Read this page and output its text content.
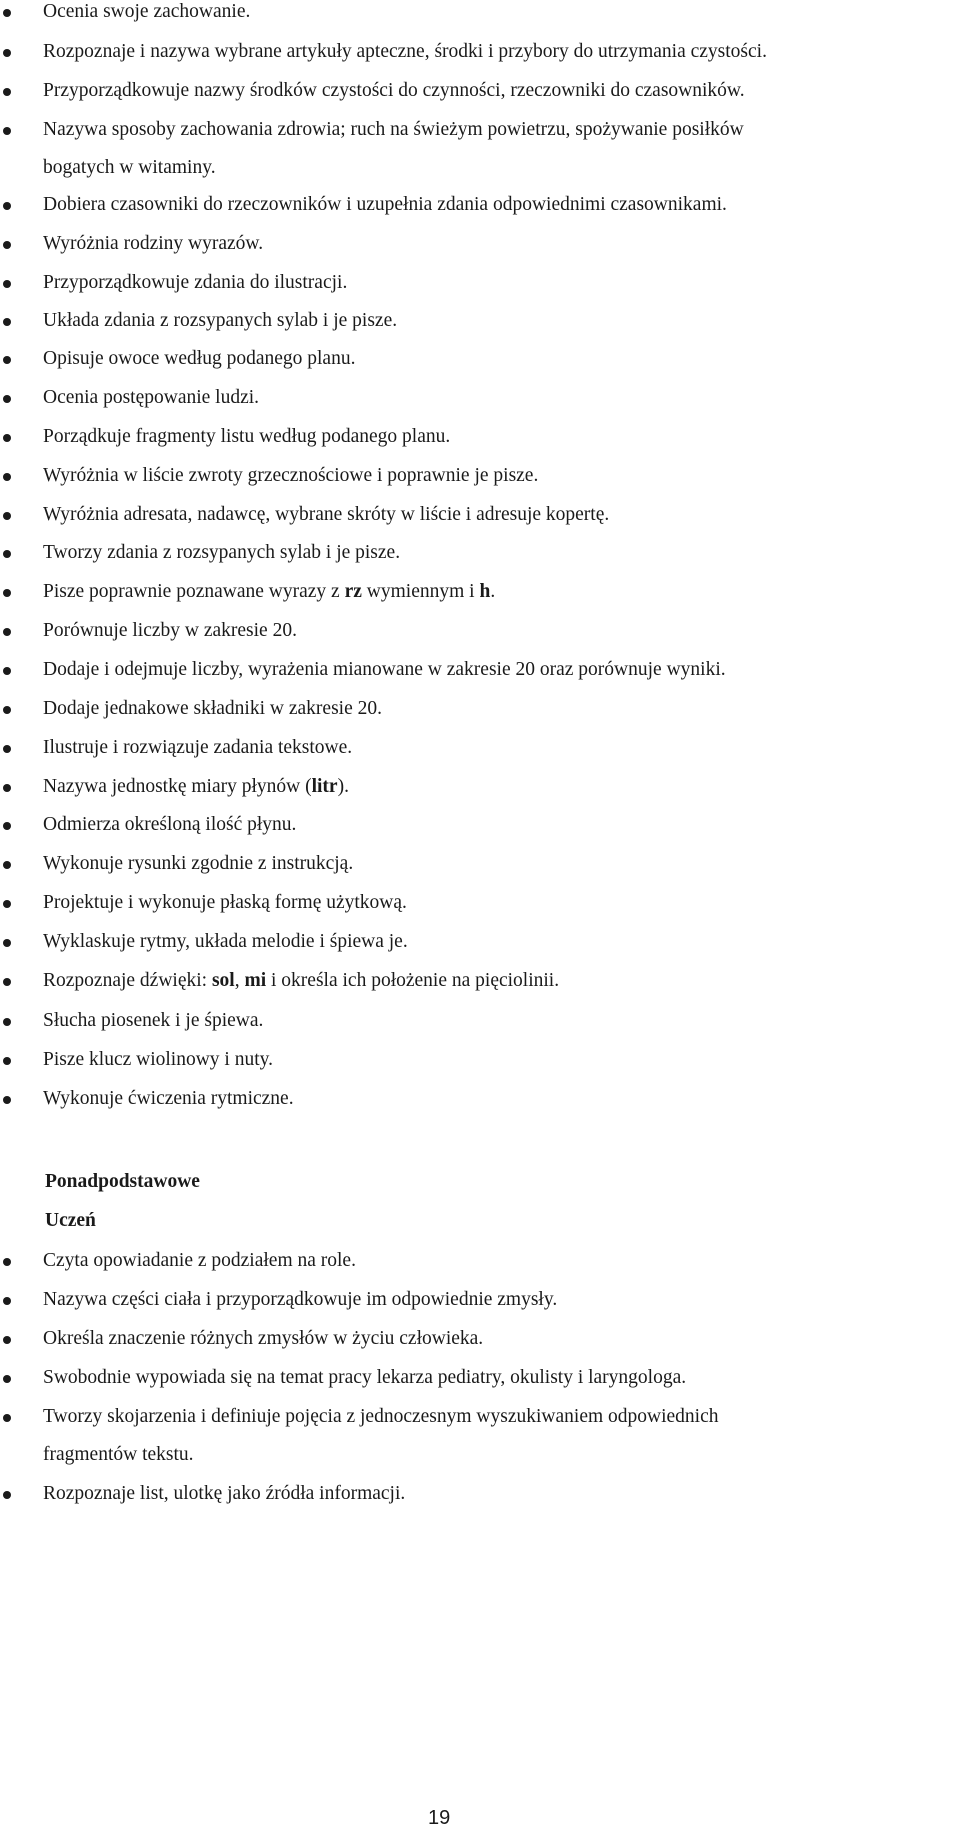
Ocenia swoje zachowanie.
Rozpoznaje i nazywa wybrane artykuły apteczne, środki i przybory do utrzymania czystości.
Przyporządkowuje nazwy środków czystości do czynności, rzeczowniki do czasowników.
Nazywa sposoby zachowania zdrowia; ruch na świeżym powietrzu, spożywanie posiłków
bogatych w witaminy.
Dobiera czasowniki do rzeczowników i uzupełnia zdania odpowiednimi czasownikami.
Wyróżnia rodziny wyrazów.
Przyporządkowuje zdania do ilustracji.
Układa zdania z rozsypanych sylab i je pisze.
Opisuje owoce według podanego planu.
Ocenia postępowanie ludzi.
Porządkuje fragmenty listu według podanego planu.
Wyróżnia w liście zwroty grzecznościowe i poprawnie je pisze.
Wyróżnia adresata, nadawcę, wybrane skróty w liście i adresuje kopertę.
Tworzy zdania z rozsypanych sylab i je pisze.
Pisze poprawnie poznawane wyrazy z rz wymiennym i h.
Porównuje liczby w zakresie 20.
Dodaje i odejmuje liczby, wyrażenia mianowane w zakresie 20 oraz porównuje wyniki.
Dodaje jednakowe składniki w zakresie 20.
Ilustruje i rozwiązuje zadania tekstowe.
Nazywa jednostkę miary płynów (litr).
Odmierza określoną ilość płynu.
Wykonuje rysunki zgodnie z instrukcją.
Projektuje i wykonuje płaską formę użytkową.
Wyklaskuje rytmy, układa melodie i śpiewa je.
Rozpoznaje dźwięki: sol, mi i określa ich położenie na pięciolinii.
Słucha piosenek i je śpiewa.
Pisze klucz wiolinowy i nuty.
Wykonuje ćwiczenia rytmiczne.
Ponadpodstawowe
Uczeń
Czyta opowiadanie z podziałem na role.
Nazywa części ciała i przyporządkowuje im odpowiednie zmysły.
Określa znaczenie różnych zmysłów w życiu człowieka.
Swobodnie wypowiada się na temat pracy lekarza pediatry, okulisty i laryngologa.
Tworzy skojarzenia i definiuje pojęcia z jednoczesnym wyszukiwaniem odpowiednich
fragmentów tekstu.
Rozpoznaje list, ulotkę jako źródła informacji.
19
